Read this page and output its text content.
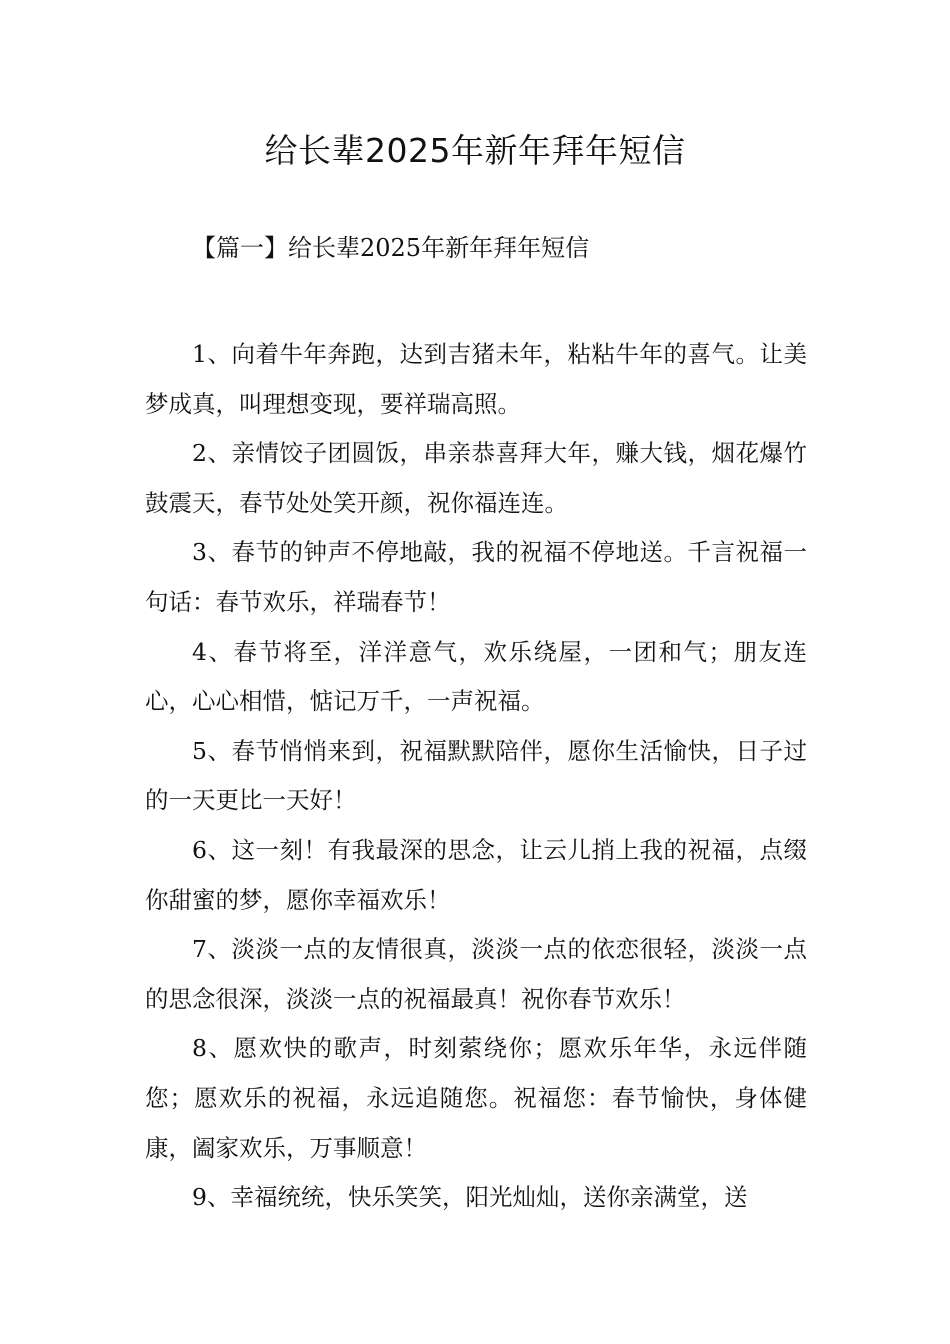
给长辈2025年新年拜年短信
【篇一】给长辈2025年新年拜年短信

1、向着牛年奔跑，达到吉猪未年，粘粘牛年的喜气。让美梦成真，叫理想变现，要祥瑞高照。

2、亲情饺子团圆饭，串亲恭喜拜大年，赚大钱，烟花爆竹鼓震天，春节处处笑开颜，祝你福连连。

3、春节的钟声不停地敲，我的祝福不停地送。千言祝福一句话：春节欢乐，祥瑞春节！

4、春节将至，洋洋意气，欢乐绕屋，一团和气；朋友连心，心心相惜，惦记万千，一声祝福。

5、春节悄悄来到，祝福默默陪伴，愿你生活愉快，日子过的一天更比一天好！

6、这一刻！有我最深的思念，让云儿捎上我的祝福，点缀你甜蜜的梦，愿你幸福欢乐！

7、淡淡一点的友情很真，淡淡一点的依恋很轻，淡淡一点的思念很深，淡淡一点的祝福最真！祝你春节欢乐！

8、愿欢快的歌声，时刻萦绕你；愿欢乐年华，永远伴随您；愿欢乐的祝福，永远追随您。祝福您：春节愉快，身体健康，阖家欢乐，万事顺意！

9、幸福统统，快乐笑笑，阳光灿灿，送你亲满堂，送
